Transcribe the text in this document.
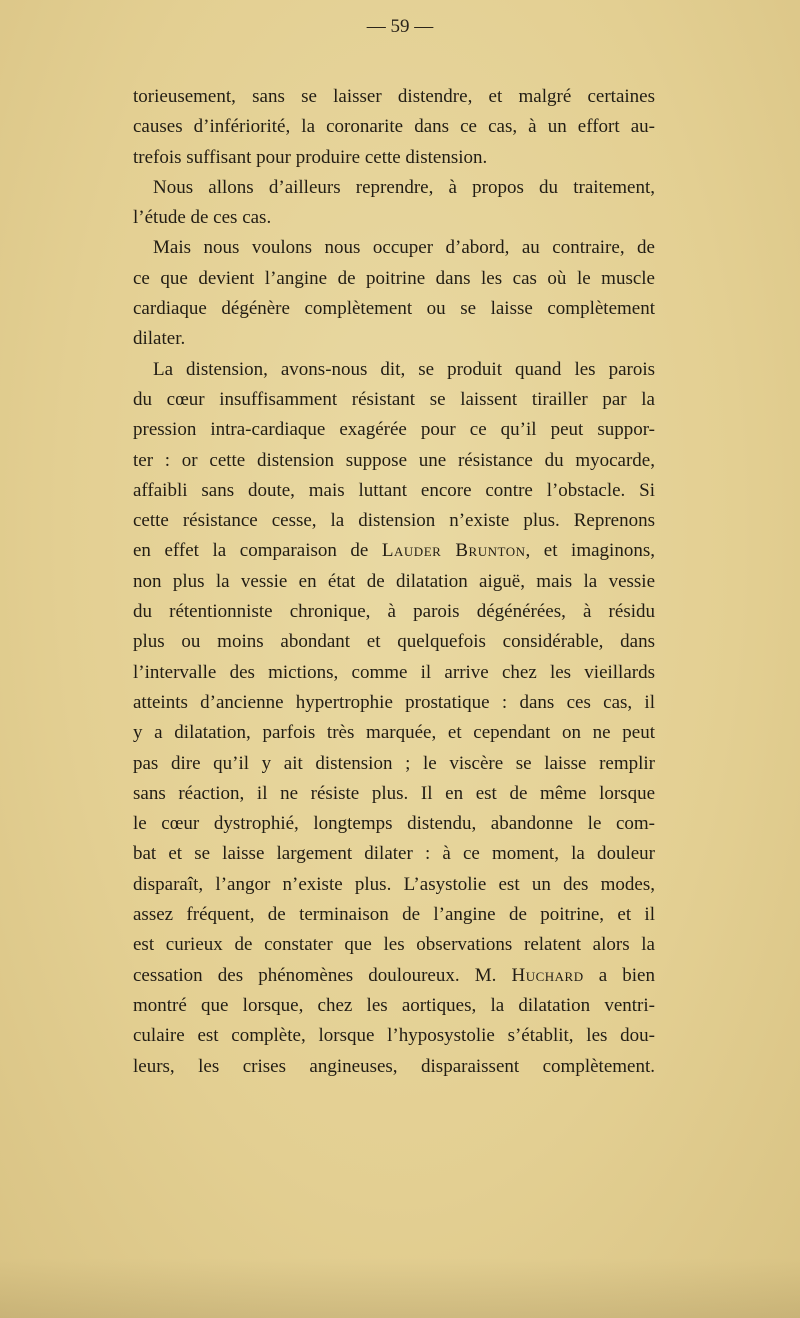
— 59 —
torieusement, sans se laisser distendre, et malgré certaines
causes d’infériorité, la coronarite dans ce cas, à un effort au-
trefois suffisant pour produire cette distension.
Nous allons d’ailleurs reprendre, à propos du traitement,
l’étude de ces cas.
Mais nous voulons nous occuper d’abord, au contraire, de
ce que devient l’angine de poitrine dans les cas où le muscle
cardiaque dégénère complètement ou se laisse complètement
dilater.
La distension, avons-nous dit, se produit quand les parois
du cœur insuffisamment résistant se laissent tirailler par la
pression intra-cardiaque exagérée pour ce qu’il peut suppor-
ter : or cette distension suppose une résistance du myocarde,
affaibli sans doute, mais luttant encore contre l’obstacle. Si
cette résistance cesse, la distension n’existe plus. Reprenons
en effet la comparaison de Lauder Brunton, et imaginons,
non plus la vessie en état de dilatation aiguë, mais la vessie
du rétentionniste chronique, à parois dégénérées, à résidu
plus ou moins abondant et quelquefois considérable, dans
l’intervalle des mictions, comme il arrive chez les vieillards
atteints d’ancienne hypertrophie prostatique : dans ces cas, il
y a dilatation, parfois très marquée, et cependant on ne peut
pas dire qu’il y ait distension ; le viscère se laisse remplir
sans réaction, il ne résiste plus. Il en est de même lorsque
le cœur dystrophié, longtemps distendu, abandonne le com-
bat et se laisse largement dilater : à ce moment, la douleur
disparaît, l’angor n’existe plus. L’asystolie est un des modes,
assez fréquent, de terminaison de l’angine de poitrine, et il
est curieux de constater que les observations relatent alors la
cessation des phénomènes douloureux. M. Huchard a bien
montré que lorsque, chez les aortiques, la dilatation ventri-
culaire est complète, lorsque l’hyposystolie s’établit, les dou-
leurs, les crises angineuses, disparaissent complètement.
